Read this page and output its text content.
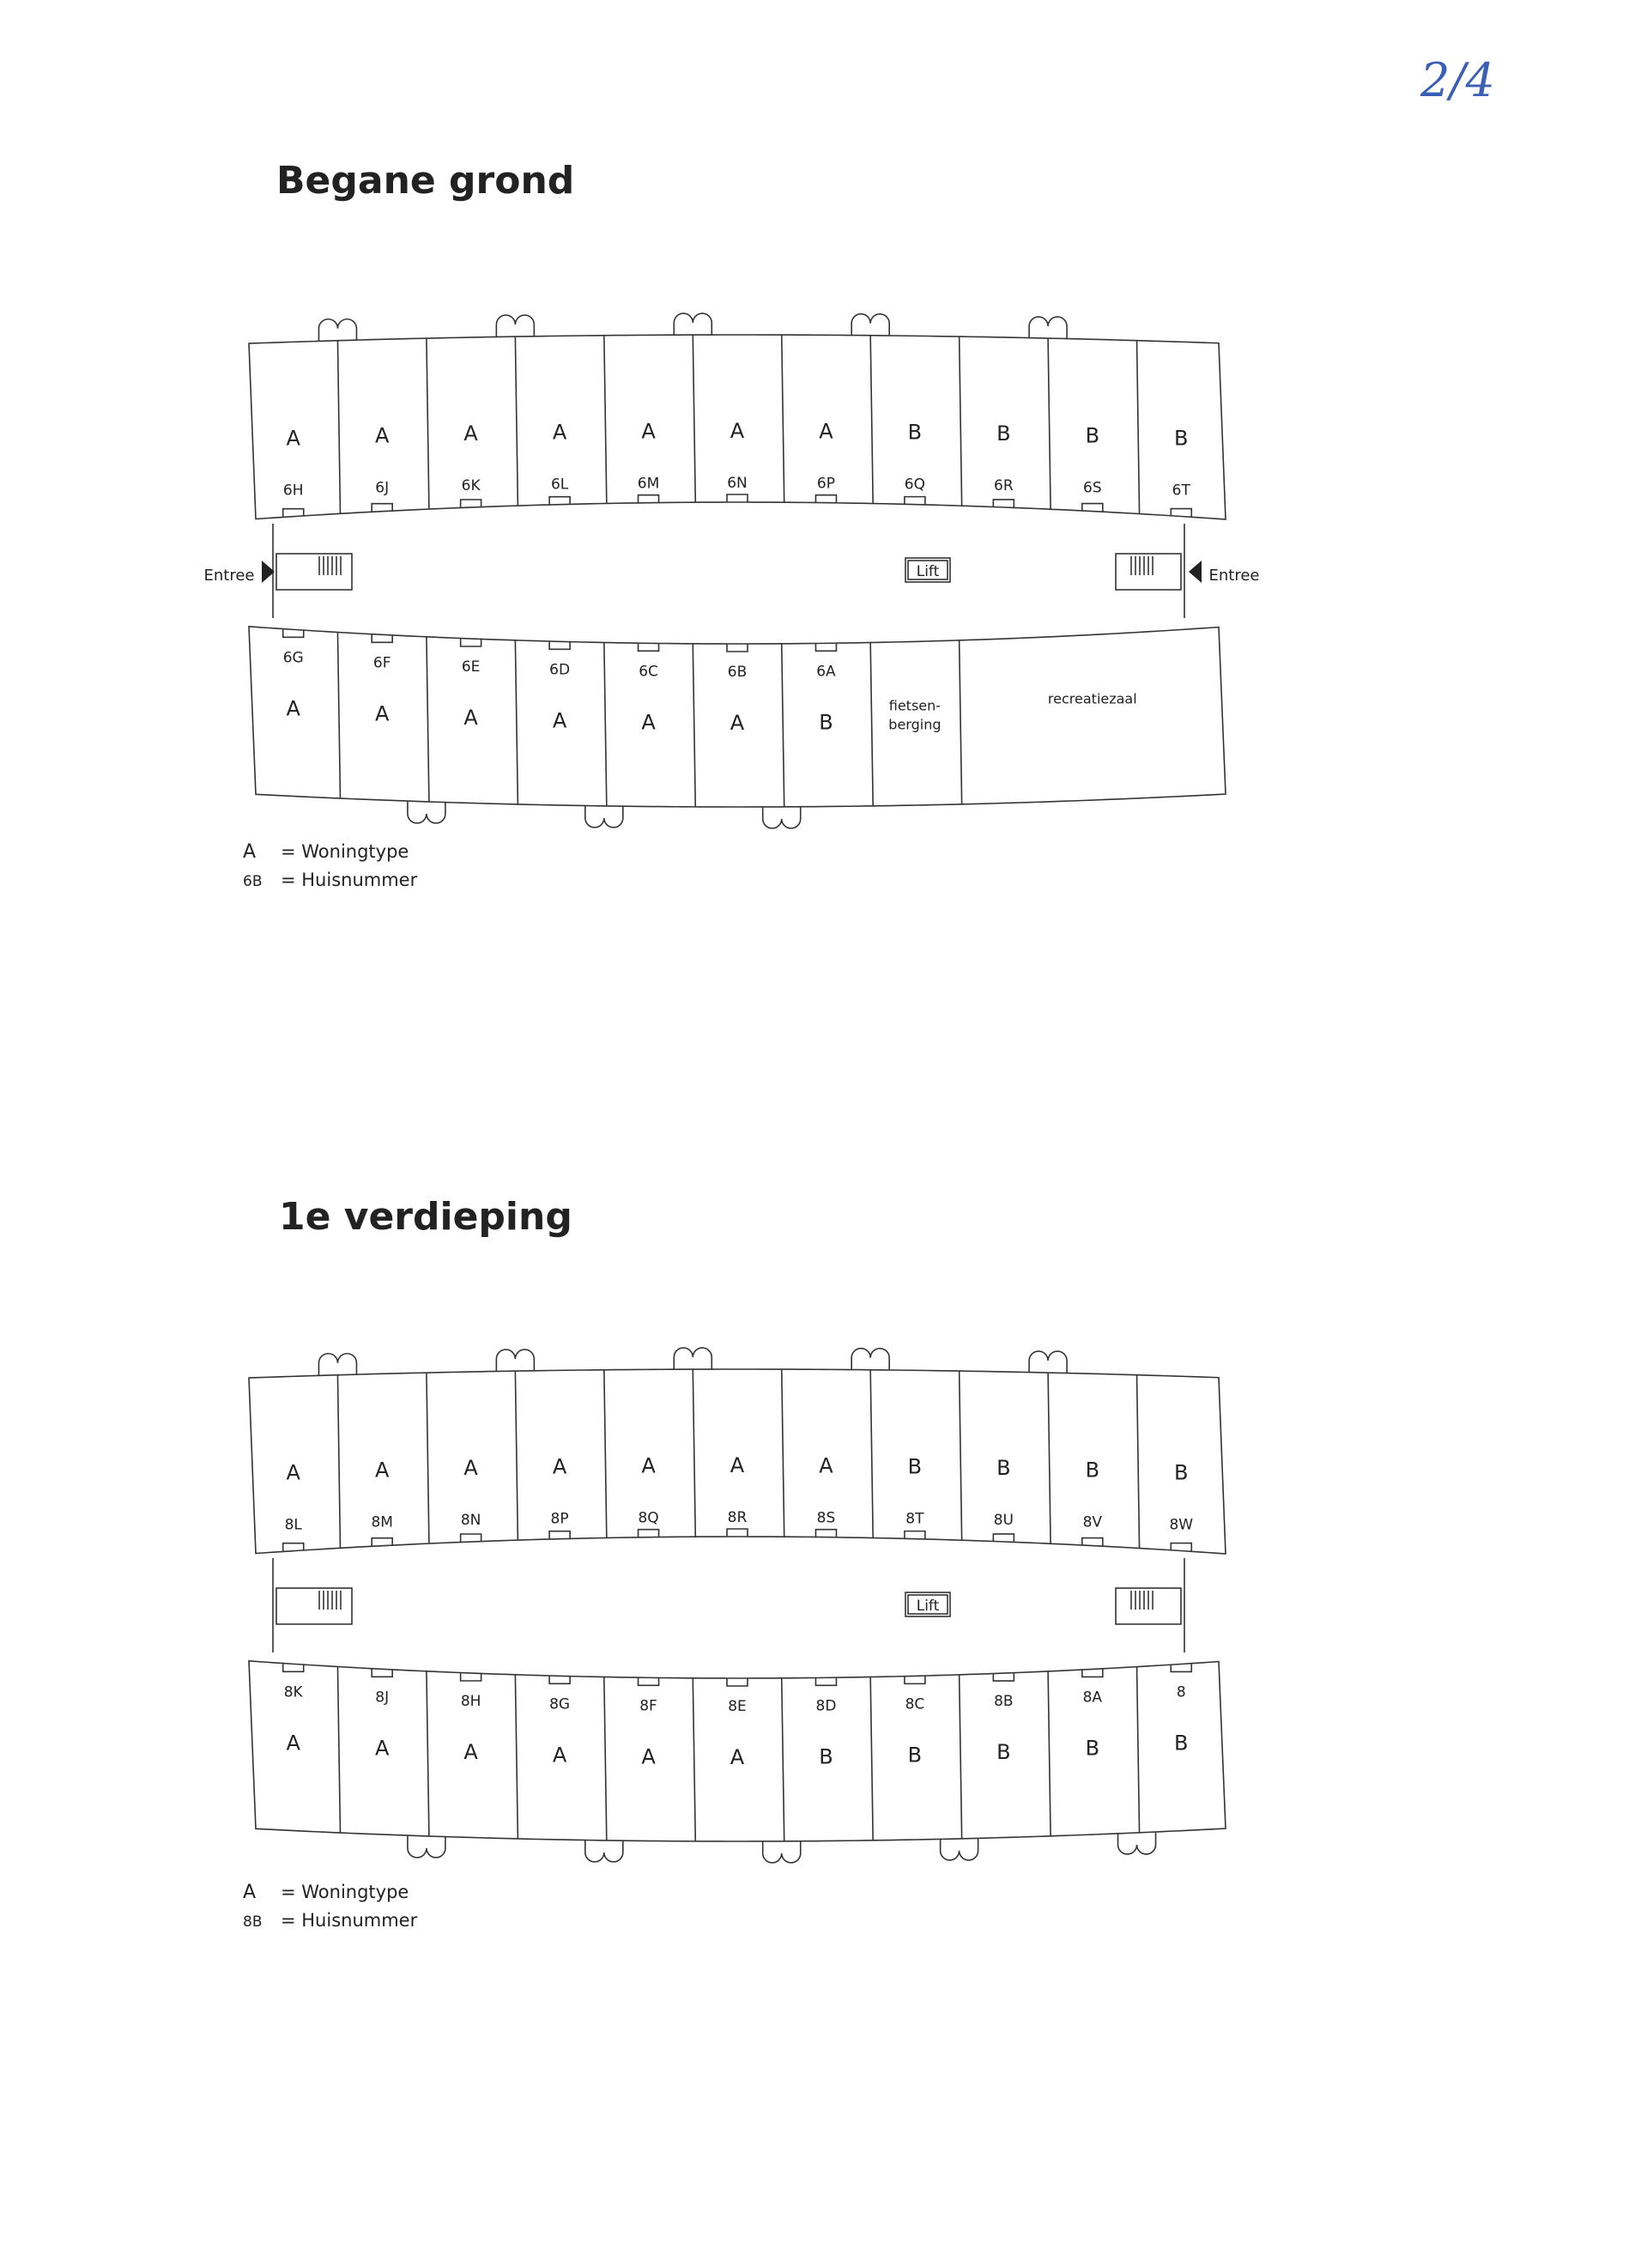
2/4
Begane grond
A
6H
A
6J
A
6K
A
6L
A
6M
A
6N
A
6P
B
6Q
B
6R
B
6S
B
6T
Lift
Entree	Entree
6G
A
6F
A
6E
A
6D
A
6C
A
6B
A
6A
B
fietsen-
berging
recreatiezaal
A	= Woningtype
6B	= Huisnummer
1e verdieping
A
8L
A
8M
A
8N
A
8P
A
8Q
A
8R
A
8S
B
8T
B
8U
B
8V
B
8W
Lift
8K
A
8J
A
8H
A
8G
A
8F
A
8E
A
8D
B
8C
B
8B
B
8A
B
8
B
A	= Woningtype
8B	= Huisnummer
